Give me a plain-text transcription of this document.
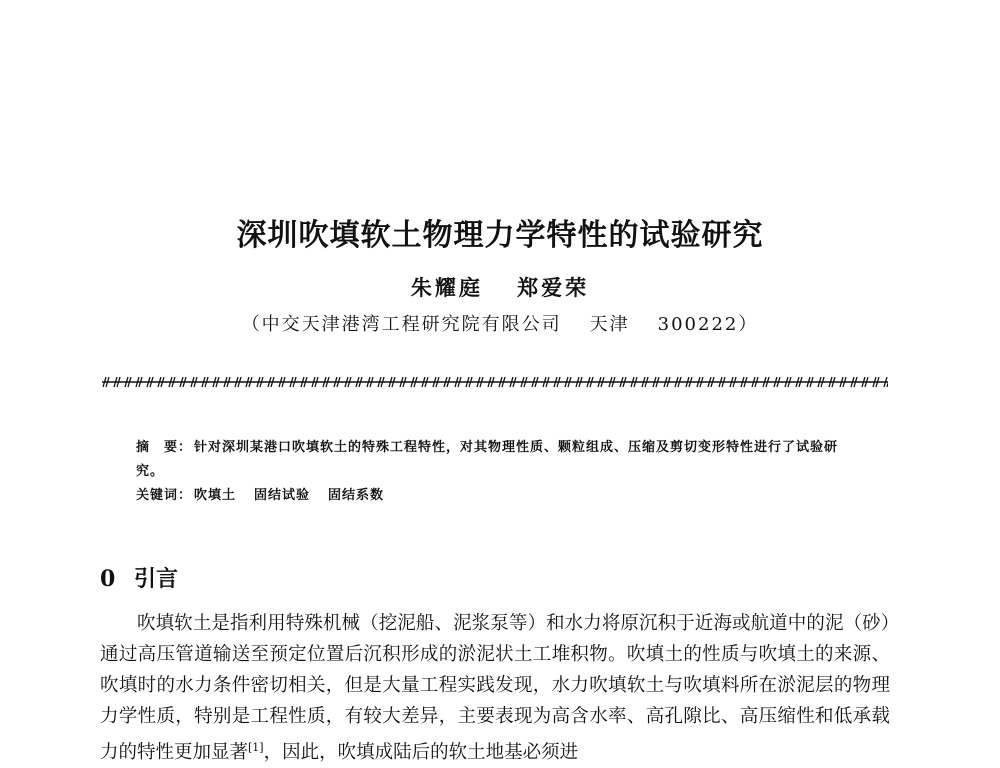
深圳吹填软土物理力学特性的试验研究
朱耀庭 郑爱荣
（中交天津港湾工程研究院有限公司 天津 300222）
摘　要： 针对深圳某港口吹填软土的特殊工程特性，对其物理性质、颗粒组成、压缩及剪切变形特性进行了试验研究。
关键词： 吹填土 固结试验 固结系数
0 引言
吹填软土是指利用特殊机械（挖泥船、泥浆泵等）和水力将原沉积于近海或航道中的泥（砂）通过高压管道输送至预定位置后沉积形成的淤泥状土工堆积物。吹填土的性质与吹填土的来源、吹填时的水力条件密切相关，但是大量工程实践发现，水力吹填软土与吹填料所在淤泥层的物理力学性质，特别是工程性质，有较大差异，主要表现为高含水率、高孔隙比、高压缩性和低承载力的特性更加显著[1]，因此，吹填成陆后的软土地基必须进
